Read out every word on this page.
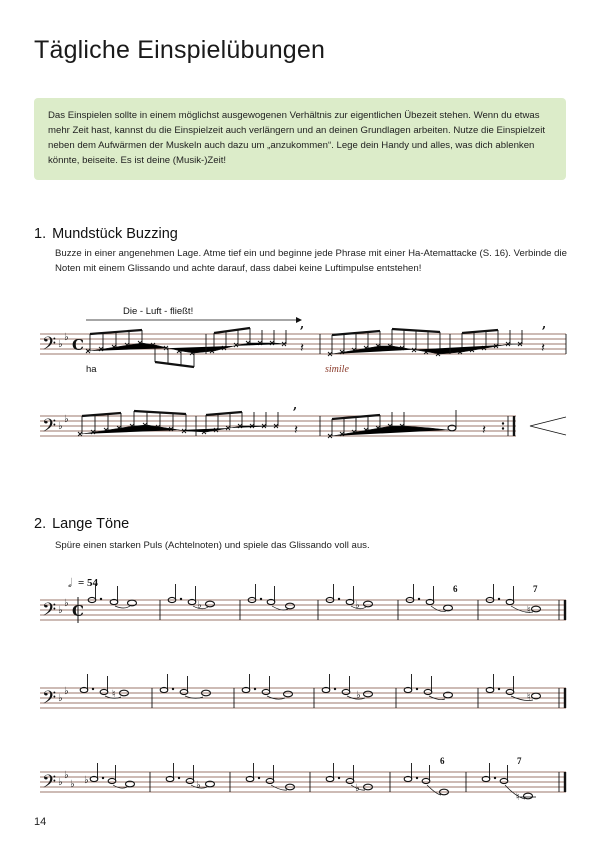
Tägliche Einspielübungen
Das Einspielen sollte in einem möglichst ausgewogenen Verhältnis zur eigentlichen Übezeit stehen. Wenn du etwas mehr Zeit hast, kannst du die Einspielzeit auch verlängern und an deinen Grundlagen arbeiten. Nutze die Einspielzeit neben dem Aufwärmen der Muskeln auch dazu um „anzukommen“. Lege dein Handy und alles, was dich ablenken könnte, beiseite. Es ist deine (Musik-)Zeit!
1. Mundstück Buzzing
Buzze in einer angenehmen Lage. Atme tief ein und beginne jede Phrase mit einer Ha-Atemattacke (S. 16). Verbinde die Noten mit einem Glissando und achte darauf, dass dabei keine Luftimpulse entstehen!
2. Lange Töne
Spüre einen starken Puls (Achtelnoten) und spiele das Glissando voll aus.
𝄢 ♭
♭ C
Die - Luft - fließt!
ha	simile
,	,
𝄽	𝄽
𝄢 ♭
♭
,
𝄽	𝄽
𝅗𝅥 = 54
𝄢 ♭
♭ C	♭	♭	♮
6	7
𝄢 ♭
♭	♮	♭	♮
𝄢 ♭
♭
♭ ♭	♭	♭
♮
6	7
14
